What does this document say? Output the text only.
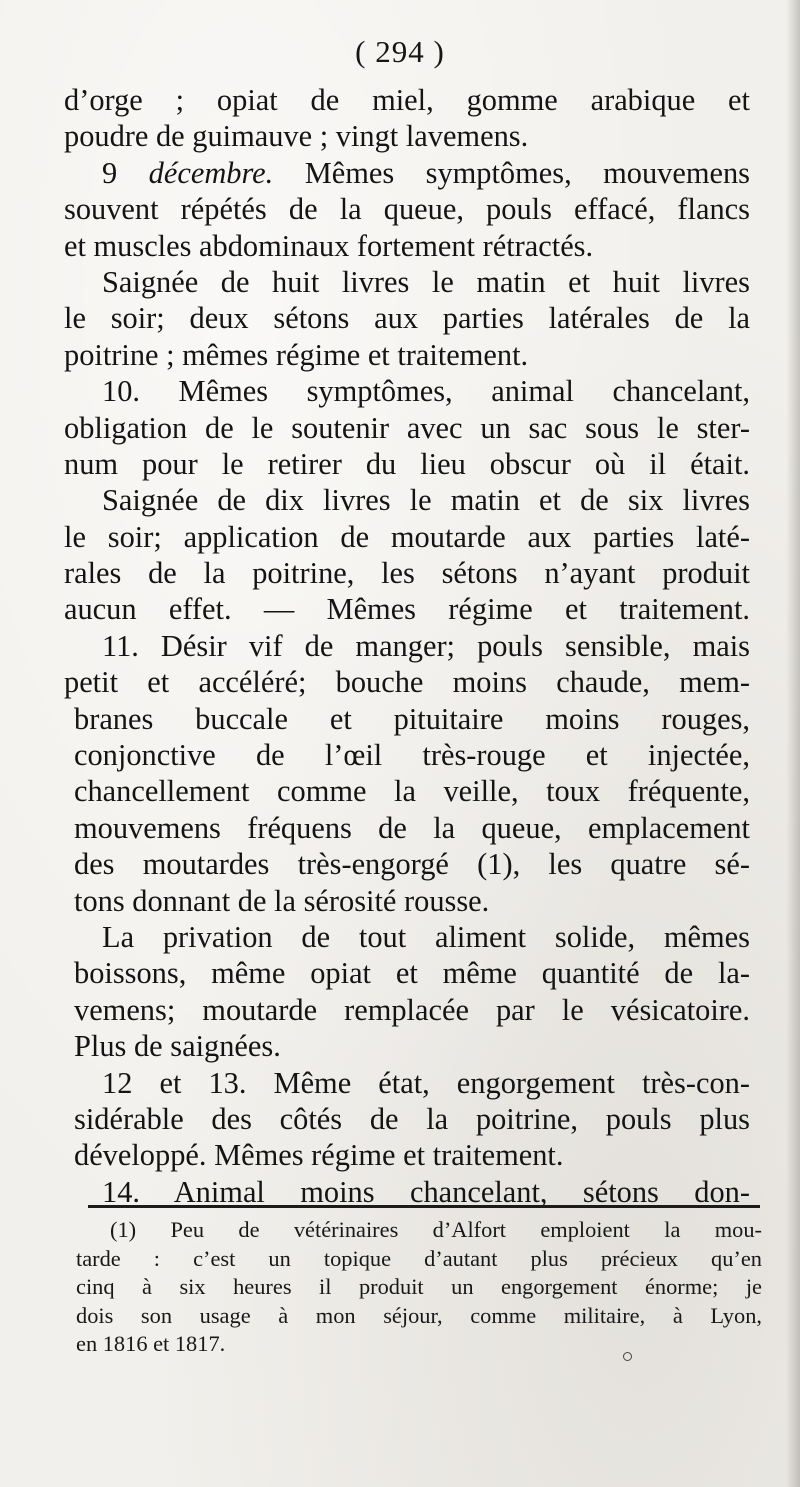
( 294 )
d’orge ; opiat de miel, gomme arabique et
poudre de guimauve ; vingt lavemens.
9 décembre. Mêmes symptômes, mouvemens
souvent répétés de la queue, pouls effacé, flancs
et muscles abdominaux fortement rétractés.
Saignée de huit livres le matin et huit livres
le soir; deux sétons aux parties latérales de la
poitrine ; mêmes régime et traitement.
10. Mêmes symptômes, animal chancelant,
obligation de le soutenir avec un sac sous le ster-
num pour le retirer du lieu obscur où il était.
Saignée de dix livres le matin et de six livres
le soir; application de moutarde aux parties laté-
rales de la poitrine, les sétons n’ayant produit
aucun effet. — Mêmes régime et traitement.
11. Désir vif de manger; pouls sensible, mais
petit et accéléré; bouche moins chaude, mem-
branes buccale et pituitaire moins rouges,
conjonctive de l’œil très-rouge et injectée,
chancellement comme la veille, toux fréquente,
mouvemens fréquens de la queue, emplacement
des moutardes très-engorgé (1), les quatre sé-
tons donnant de la sérosité rousse.
La privation de tout aliment solide, mêmes
boissons, même opiat et même quantité de la-
vemens; moutarde remplacée par le vésicatoire.
Plus de saignées.
12 et 13. Même état, engorgement très-con-
sidérable des côtés de la poitrine, pouls plus
développé. Mêmes régime et traitement.
14. Animal moins chancelant, sétons don-
(1) Peu de vétérinaires d’Alfort emploient la mou-
tarde : c’est un topique d’autant plus précieux qu’en
cinq à six heures il produit un engorgement énorme; je
dois son usage à mon séjour, comme militaire, à Lyon,
en 1816 et 1817.
